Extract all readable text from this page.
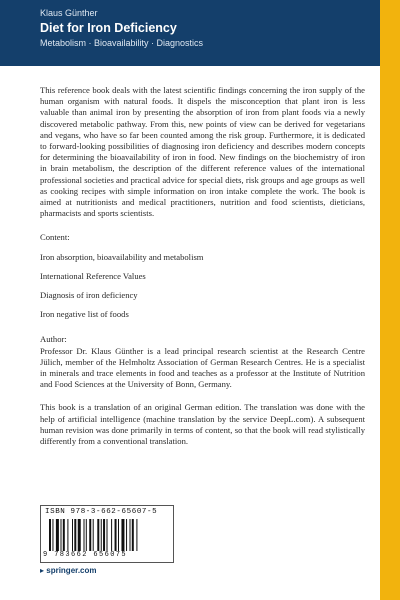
Klaus Günther
Diet for Iron Deficiency
Metabolism · Bioavailability · Diagnostics

This reference book deals with the latest scientific findings concerning the iron supply of the human organism with natural foods. It dispels the misconception that plant iron is less valuable than animal iron by presenting the absorption of iron from plant foods via a newly discovered metabolic pathway. From this, new points of view can be derived for vegetarians and vegans, who have so far been counted among the risk group. Furthermore, it is dedicated to forward-looking possibilities of diagnosing iron deficiency and describes modern concepts for determining the bioavailability of iron in food. New findings on the biochemistry of iron in brain metabolism, the description of the different reference values of the international professional societies and practical advice for special diets, risk groups and age groups as well as cooking recipes with simple information on iron intake complete the work. The book is aimed at nutritionists and medical practitioners, nutrition and food scientists, dieticians, pharmacists and sports scientists.

Content:

Iron absorption, bioavailability and metabolism

International Reference Values

Diagnosis of iron deficiency

Iron negative list of foods

Author:

Professor Dr. Klaus Günther is a lead principal research scientist at the Research Centre Jülich, member of the Helmholtz Association of German Research Centres. He is a specialist in minerals and trace elements in food and teaches as a professor at the Institute of Nutrition and Food Sciences at the University of Bonn, Germany.

This book is a translation of an original German edition. The translation was done with the help of artificial intelligence (machine translation by the service DeepL.com). A subsequent human revision was done primarily in terms of content, so that the book will read stylistically differently from a conventional translation.

ISBN 978-3-662-65607-5
9 783662 656075
▸ springer.com
